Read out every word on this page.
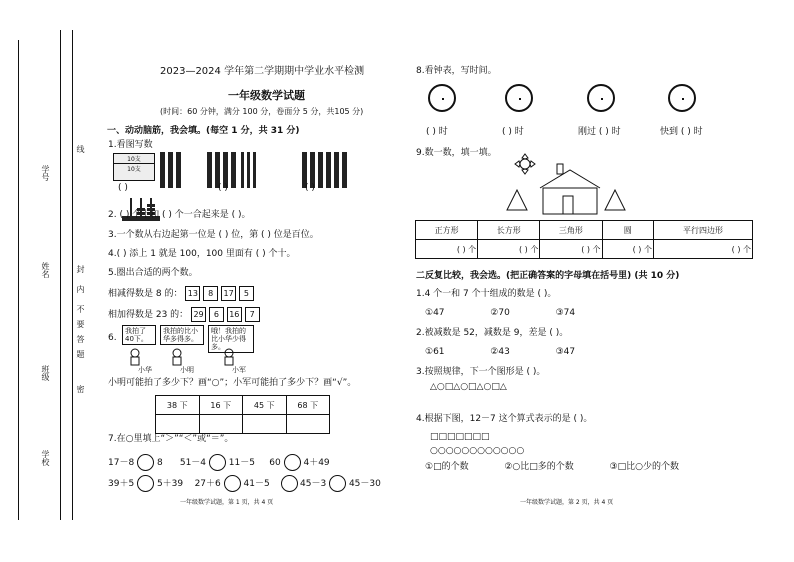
学号
姓名
班级
学校
线
封
内
不
要
答
题
密
2023—2024 学年第二学期期中学业水平检测
一年级数学试题
(时间：60 分钟，满分 100 分，卷面分 5 分，共105 分)
一、动动脑筋，我会填。(每空 1 分，共 31 分)
1.看图写数
10支
10支
( )	( )	( )
2. ( ) 个十和 ( ) 个一合起来是 ( )。
3.一个数从右边起第一位是 ( ) 位，第 ( ) 位是百位。
4.( ) 添上 1 就是 100，100 里面有 ( ) 个十。
5.圈出合适的两个数。
相减得数是 8 的： 13 8 17 5
相加得数是 23 的： 29 6 16 7
6.
我拍了40下。
我拍的比小华多得多。
哦！我拍的比小华少得多。
小华	小明	小军
小明可能拍了多少下？画“○”；小军可能拍了多少下？画“√”。
38 下	16 下	45 下	68 下

7.在○里填上“＞”“＜”或“＝”。
17－8	8 51－4	11－5 60	4＋49
39＋5	5＋39 27＋6	41－5	45－3	45－30
一年级数学试题，第 1 页，共 4 页
8.看钟表，写时间。
( ) 时	( ) 时	刚过 ( ) 时	快到 ( ) 时
9.数一数，填一填。
正方形	长方形	三角形	圆	平行四边形
( ) 个	( ) 个	( ) 个	( ) 个	( ) 个
二反复比较，我会选。(把正确答案的字母填在括号里) (共 10 分)
1.4 个一和 7 个十组成的数是 ( )。
①47	②70	③74
2.被减数是 52，减数是 9，差是 ( )。
①61	②43	③47
3.按照规律，下一个图形是 ( )。
△○□△○□△○□△
4.根据下图，12－7 这个算式表示的是 ( )。
□□□□□□□
○○○○○○○○○○○○
①□的个数	②○比□多的个数	③□比○少的个数
一年级数学试题，第 2 页，共 4 页
